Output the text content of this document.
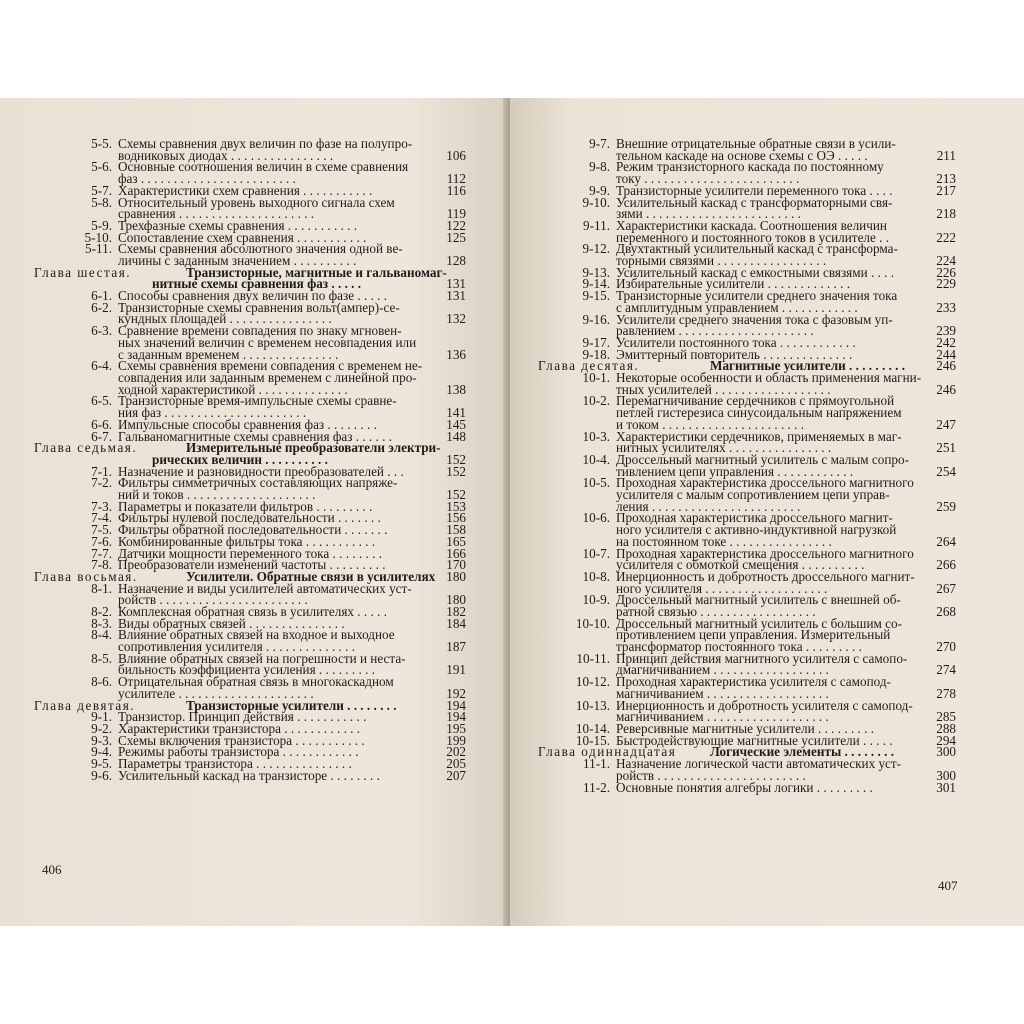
5-5. Схемы сравнения двух величин по фазе на полупро-
водниковых диодах . . . . . . . . . . . . . . . .	106
5-6. Основные соотношения величин в схеме сравнения
фаз . . . . . . . . . . . . . . . . . . . . . . . .	112
5-7. Характеристики схем сравнения . . . . . . . . . . .	116
5-8. Относительный уровень выходного сигнала схем
сравнения . . . . . . . . . . . . . . . . . . . . .	119
5-9. Трехфазные схемы сравнения . . . . . . . . . . .	122
5-10. Сопоставление схем сравнения . . . . . . . . . . .	125
5-11. Схемы сравнения абсолютного значения одной ве-
личины с заданным значением . . . . . . . . . .	128
Глава шестая.	Транзисторные, магнитные и гальваномаг-
нитные схемы сравнения фаз . . . . .	131
6-1. Способы сравнения двух величин по фазе . . . . .	131
6-2. Транзисторные схемы сравнения вольт(ампер)-се-
кундных площадей . . . . . . . . . . . . . . . .	132
6-3. Сравнение времени совпадения по знаку мгновен-
ных значений величин с временем несовпадения или
с заданным временем . . . . . . . . . . . . . . .	136
6-4. Схемы сравнения времени совпадения с временем не-
совпадения или заданным временем с линейной про-
ходной характеристикой . . . . . . . . . . . . . .	138
6-5. Транзисторные время-импульсные схемы сравне-
ния фаз . . . . . . . . . . . . . . . . . . . . . .	141
6-6. Импульсные способы сравнения фаз . . . . . . . .	145
6-7. Гальваномагнитные схемы сравнения фаз . . . . . .	148
Глава седьмая.	Измерительные преобразователи электри-
рических величин . . . . . . . . . .	152
7-1. Назначение и разновидности преобразователей . . .	152
7-2. Фильтры симметричных составляющих напряже-
ний и токов . . . . . . . . . . . . . . . . . . . .	152
7-3. Параметры и показатели фильтров . . . . . . . . .	153
7-4. Фильтры нулевой последовательности . . . . . . .	156
7-5. Фильтры обратной последовательности . . . . . . .	158
7-6. Комбинированные фильтры тока . . . . . . . . . . .	165
7-7. Датчики мощности переменного тока . . . . . . . .	166
7-8. Преобразователи изменений частоты . . . . . . . . .	170
Глава восьмая.	Усилители. Обратные связи в усилителях 180
8-1. Назначение и виды усилителей автоматических уст-
ройств . . . . . . . . . . . . . . . . . . . . . . .	180
8-2. Комплексная обратная связь в усилителях . . . . .	182
8-3. Виды обратных связей . . . . . . . . . . . . . . .	184
8-4. Влияние обратных связей на входное и выходное
сопротивления усилителя . . . . . . . . . . . . . .	187
8-5. Влияние обратных связей на погрешности и неста-
бильность коэффициента усиления . . . . . . . . .	191
8-6. Отрицательная обратная связь в многокаскадном
усилителе . . . . . . . . . . . . . . . . . . . . .	192
Глава девятая.	Транзисторные усилители . . . . . . . .	194
9-1. Транзистор. Принцип действия . . . . . . . . . . .	194
9-2. Характеристики транзистора . . . . . . . . . . . .	195
9-3. Схемы включения транзистора . . . . . . . . . . .	199
9-4. Режимы работы транзистора . . . . . . . . . . . .	202
9-5. Параметры транзистора . . . . . . . . . . . . . . .	205
9-6. Усилительный каскад на транзисторе . . . . . . . .	207
406
9-7. Внешние отрицательные обратные связи в усили-
тельном каскаде на основе схемы с ОЭ . . . . .	211
9-8. Режим транзисторного каскада по постоянному
току . . . . . . . . . . . . . . . . . . . . . . . .	213
9-9. Транзисторные усилители переменного тока . . . .	217
9-10. Усилительный каскад с трансформаторными свя-
зями . . . . . . . . . . . . . . . . . . . . . . . .	218
9-11. Характеристики каскада. Соотношения величин
переменного и постоянного токов в усилителе . .	222
9-12. Двухтактный усилительный каскад с трансформа-
торными связями . . . . . . . . . . . . . . . . .	224
9-13. Усилительный каскад с емкостными связями . . . .	226
9-14. Избирательные усилители . . . . . . . . . . . . .	229
9-15. Транзисторные усилители среднего значения тока
с амплитудным управлением . . . . . . . . . . . .	233
9-16. Усилители среднего значения тока с фазовым уп-
равлением . . . . . . . . . . . . . . . . . . . . .	239
9-17. Усилители постоянного тока . . . . . . . . . . . .	242
9-18. Эмиттерный повторитель . . . . . . . . . . . . . .	244
Глава десятая.	Магнитные усилители . . . . . . . . .	246
10-1. Некоторые особенности и область применения магни-
тных усилителей . . . . . . . . . . . . . . . . . .	246
10-2. Перемагничивание сердечников с прямоугольной
петлей гистерезиса синусоидальным напряжением
и током . . . . . . . . . . . . . . . . . . . . . .	247
10-3. Характеристики сердечников, применяемых в маг-
нитных усилителях . . . . . . . . . . . . . . . .	251
10-4. Дроссельный магнитный усилитель с малым сопро-
тивлением цепи управления . . . . . . . . . . . .	254
10-5. Проходная характеристика дроссельного магнитного
усилителя с малым сопротивлением цепи управ-
ления . . . . . . . . . . . . . . . . . . . . . . .	259
10-6. Проходная характеристика дроссельного магнит-
ного усилителя с активно-индуктивной нагрузкой
на постоянном токе . . . . . . . . . . . . . . . .	264
10-7. Проходная характеристика дроссельного магнитного
усилителя с обмоткой смещения . . . . . . . . . .	266
10-8. Инерционность и добротность дроссельного магнит-
ного усилителя . . . . . . . . . . . . . . . . . . .	267
10-9. Дроссельный магнитный усилитель с внешней об-
ратной связью . . . . . . . . . . . . . . . . . .	268
10-10. Дроссельный магнитный усилитель с большим со-
противлением цепи управления. Измерительный
трансформатор постоянного тока . . . . . . . . .	270
10-11. Принцип действия магнитного усилителя с самопо-
дмагничиванием . . . . . . . . . . . . . . . . . .	274
10-12. Проходная характеристика усилителя с самопод-
магничиванием . . . . . . . . . . . . . . . . . . .	278
10-13. Инерционность и добротность усилителя с самопод-
магничиванием . . . . . . . . . . . . . . . . . . .	285
10-14. Реверсивные магнитные усилители . . . . . . . . .	288
10-15. Быстродействующие магнитные усилители . . . . .	294
Глава одиннадцатая	Логические элементы . . . . . . . .	300
11-1. Назначение логической части автоматических уст-
ройств . . . . . . . . . . . . . . . . . . . . . . .	300
11-2. Основные понятия алгебры логики . . . . . . . . .	301
407
